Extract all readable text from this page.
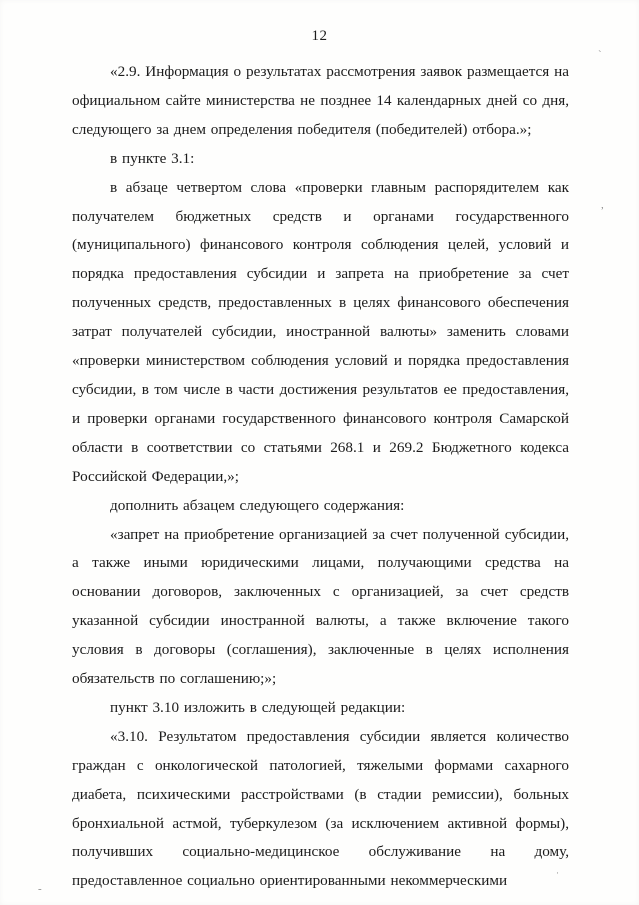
12

«2.9. Информация о результатах рассмотрения заявок размещается на официальном сайте министерства не позднее 14 календарных дней со дня, следующего за днем определения победителя (победителей) отбора.»;

в пункте 3.1:

в абзаце четвертом слова «проверки главным распорядителем как получателем бюджетных средств и органами государственного (муниципального) финансового контроля соблюдения целей, условий и порядка предоставления субсидии и запрета на приобретение за счет полученных средств, предоставленных в целях финансового обеспечения затрат получателей субсидии, иностранной валюты» заменить словами «проверки министерством соблюдения условий и порядка предоставления субсидии, в том числе в части достижения результатов ее предоставления, и проверки органами государственного финансового контроля Самарской области в соответствии со статьями 268.1 и 269.2 Бюджетного кодекса Российской Федерации,»;

дополнить абзацем следующего содержания:

«запрет на приобретение организацией за счет полученной субсидии, а также иными юридическими лицами, получающими средства на основании договоров, заключенных с организацией, за счет средств указанной субсидии иностранной валюты, а также включение такого условия в договоры (соглашения), заключенные в целях исполнения обязательств по соглашению;»;

пункт 3.10 изложить в следующей редакции:

«3.10. Результатом предоставления субсидии является количество граждан с онкологической патологией, тяжелыми формами сахарного диабета, психическими расстройствами (в стадии ремиссии), больных бронхиальной астмой, туберкулезом (за исключением активной формы), получивших социально-медицинское обслуживание на дому, предоставленное социально ориентированными некоммерческими

`
,
-
·
